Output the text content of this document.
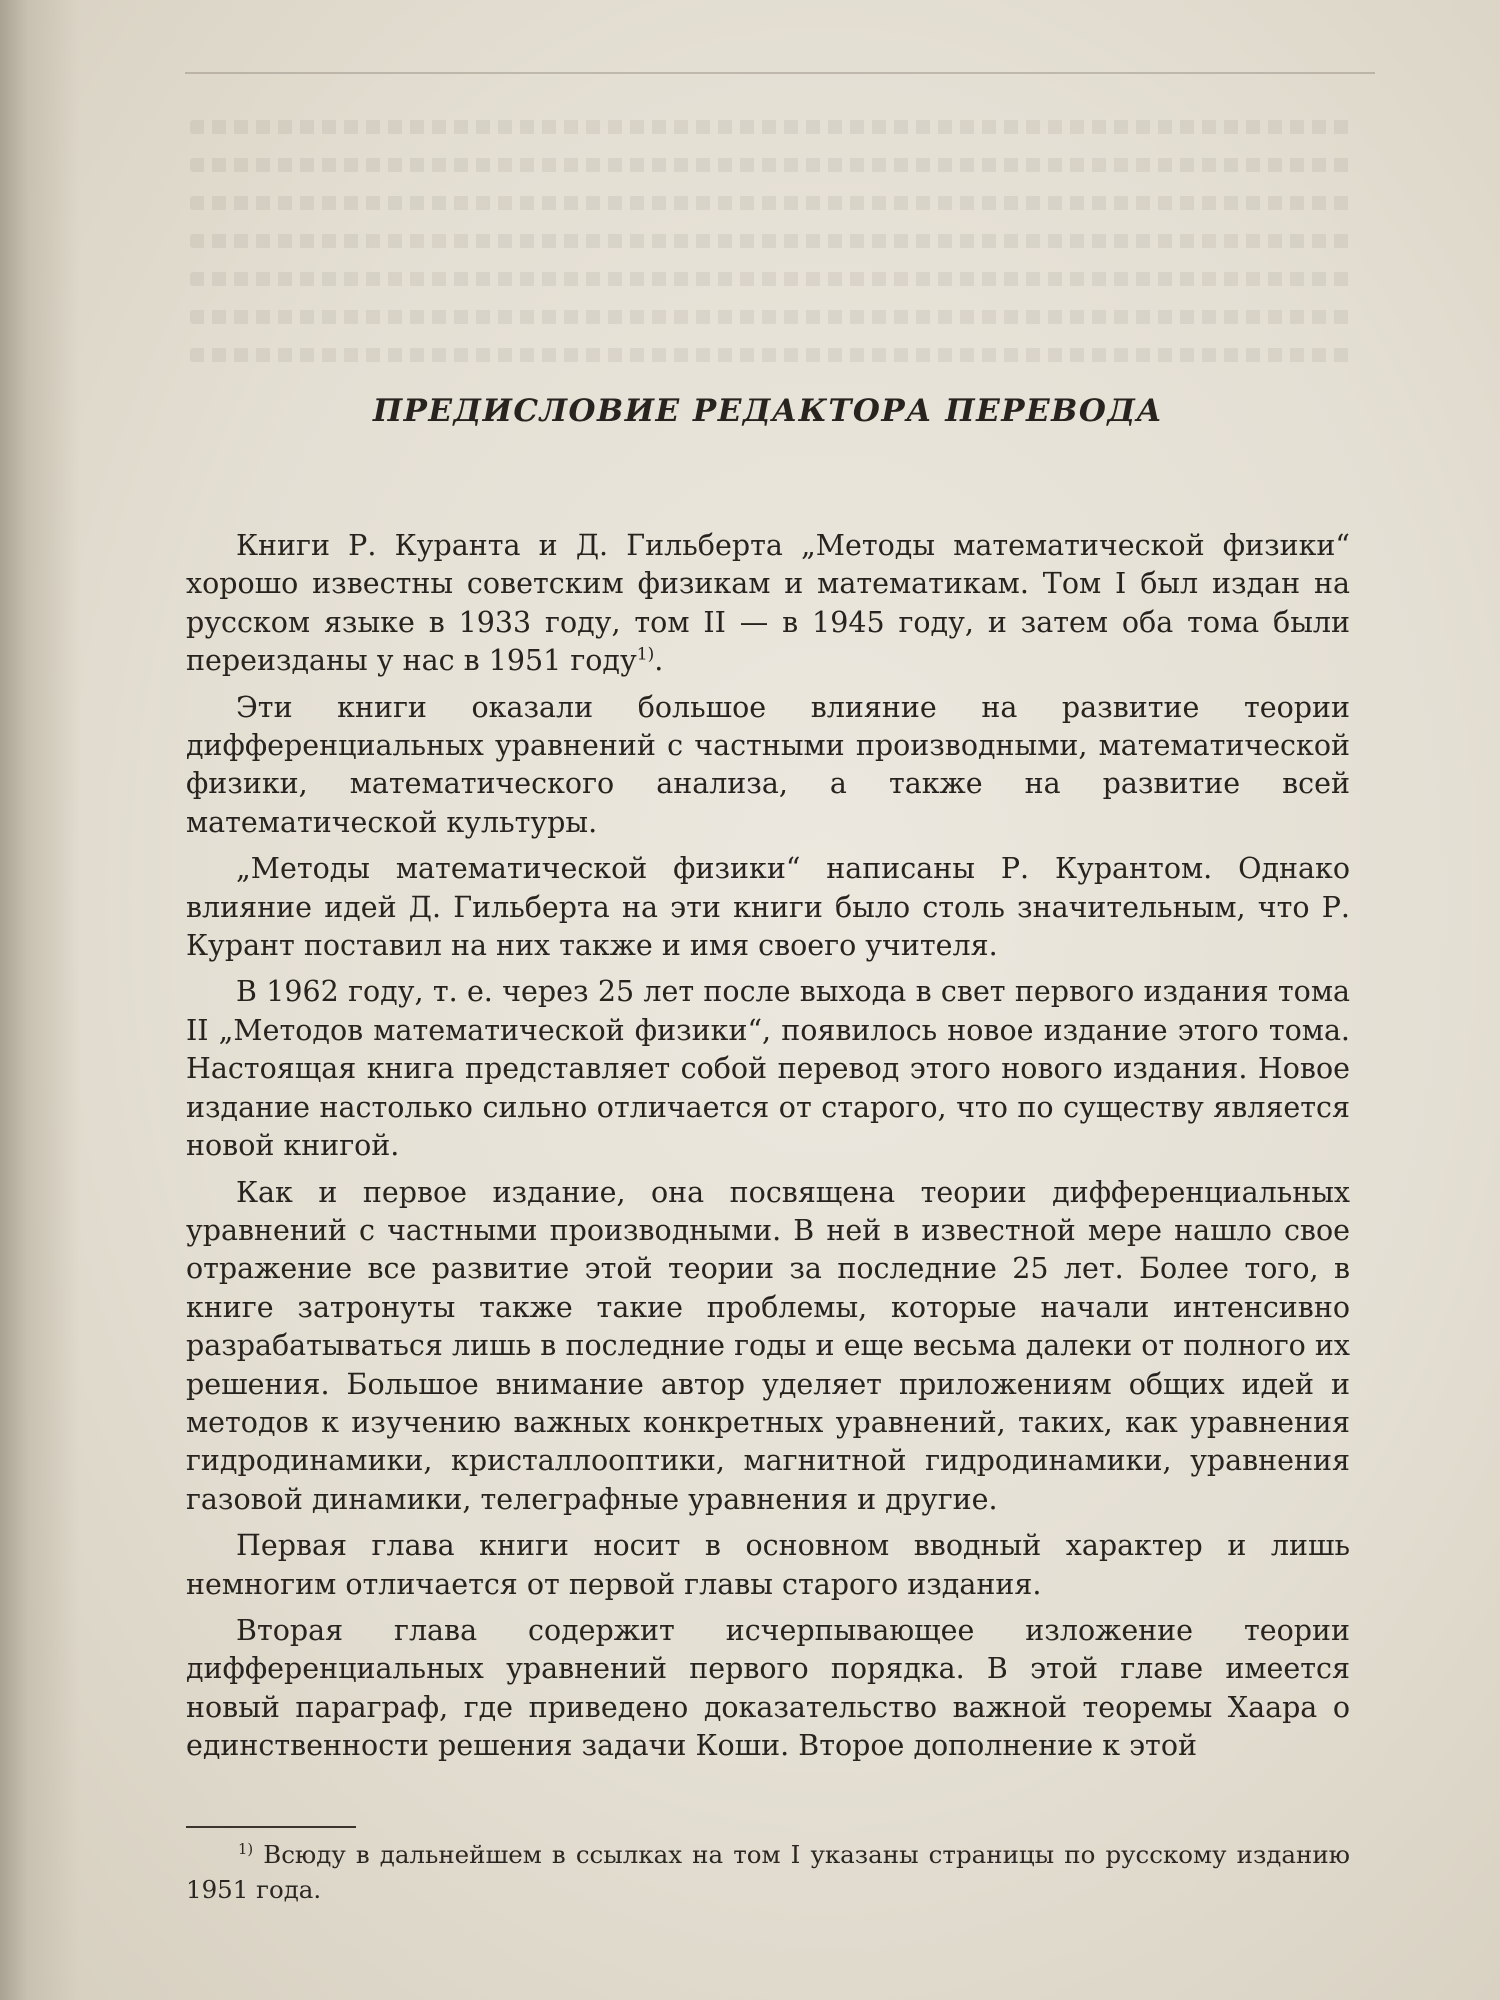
ПРЕДИСЛОВИЕ РЕДАКТОРА ПЕРЕВОДА

Книги Р. Куранта и Д. Гильберта „Методы математической физики“ хорошо известны советским физикам и математикам. Том I был издан на русском языке в 1933 году, том II — в 1945 году, и затем оба тома были переизданы у нас в 1951 году$^{1)}$.

Эти книги оказали большое влияние на развитие теории дифференциальных уравнений с частными производными, математической физики, математического анализа, а также на развитие всей математической культуры.

„Методы математической физики“ написаны Р. Курантом. Однако влияние идей Д. Гильберта на эти книги было столь значительным, что Р. Курант поставил на них также и имя своего учителя.

В 1962 году, т. е. через 25 лет после выхода в свет первого издания тома II „Методов математической физики“, появилось новое издание этого тома. Настоящая книга представляет собой перевод этого нового издания. Новое издание настолько сильно отличается от старого, что по существу является новой книгой.

Как и первое издание, она посвящена теории дифференциальных уравнений с частными производными. В ней в известной мере нашло свое отражение все развитие этой теории за последние 25 лет. Более того, в книге затронуты также такие проблемы, которые начали интенсивно разрабатываться лишь в последние годы и еще весьма далеки от полного их решения. Большое внимание автор уделяет приложениям общих идей и методов к изучению важных конкретных уравнений, таких, как уравнения гидродинамики, кристаллооптики, магнитной гидродинамики, уравнения газовой динамики, телеграфные уравнения и другие.

Первая глава книги носит в основном вводный характер и лишь немногим отличается от первой главы старого издания.

Вторая глава содержит исчерпывающее изложение теории дифференциальных уравнений первого порядка. В этой главе имеется новый параграф, где приведено доказательство важной теоремы Хаара о единственности решения задачи Коши. Второе дополнение к этой

$^{1)}$ Всюду в дальнейшем в ссылках на том I указаны страницы по русскому изданию 1951 года.
